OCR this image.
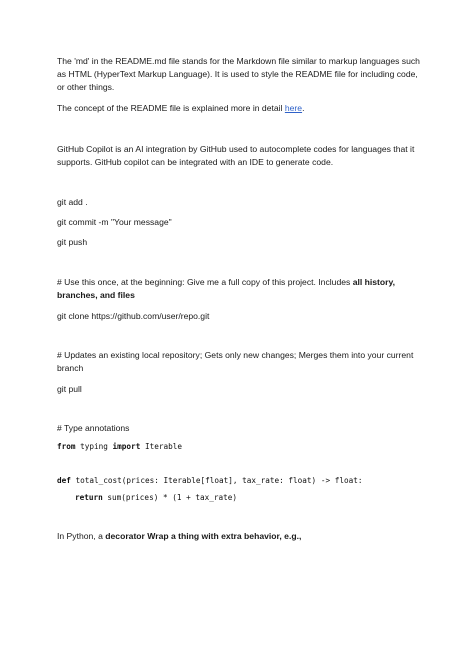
The 'md' in the README.md file stands for the Markdown file similar to markup languages such as HTML (HyperText Markup Language). It is used to style the README file for including code, or other things.

The concept of the README file is explained more in detail here.

GitHub Copilot is an AI integration by GitHub used to autocomplete codes for languages that it supports. GitHub copilot can be integrated with an IDE to generate code.

git add .

git commit -m "Your message"

git push

# Use this once, at the beginning: Give me a full copy of this project. Includes all history, branches, and files

git clone https://github.com/user/repo.git

# Updates an existing local repository; Gets only new changes; Merges them into your current branch

git pull

# Type annotations

from typing import Iterable

def total_cost(prices: Iterable[float], tax_rate: float) -> float:

return sum(prices) * (1 + tax_rate)

In Python, a decorator Wrap a thing with extra behavior, e.g.,
